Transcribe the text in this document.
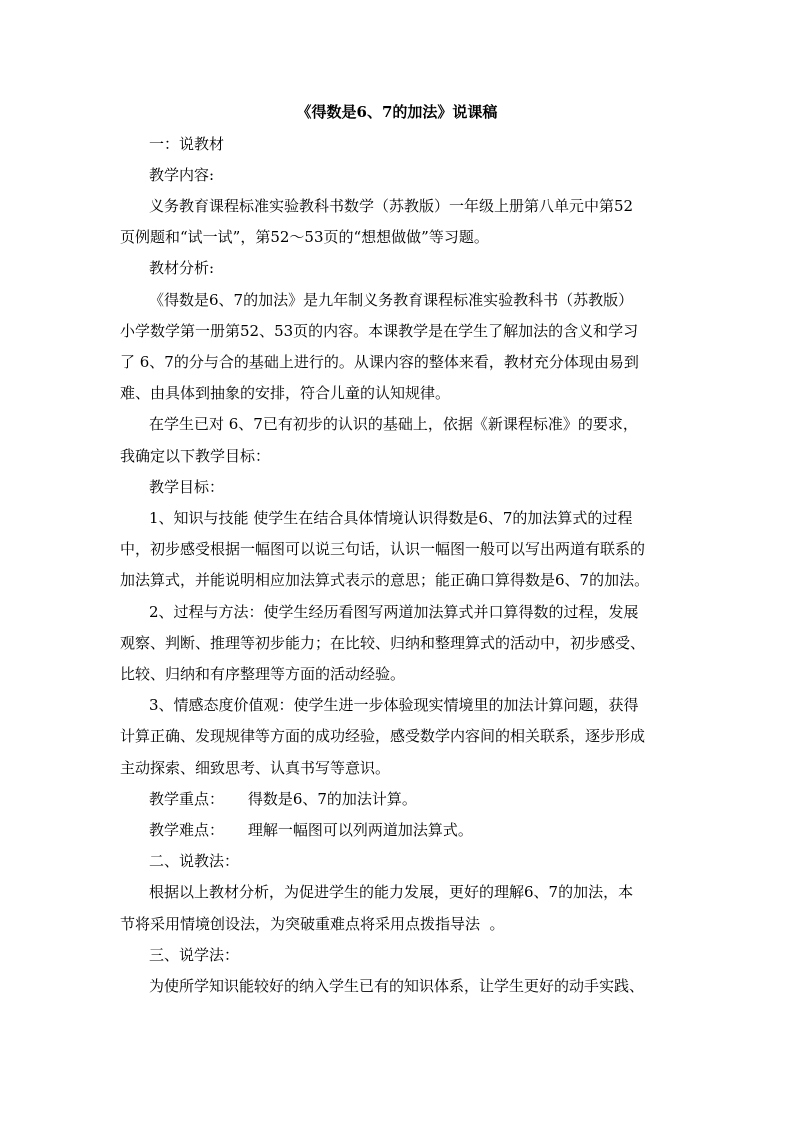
《得数是6、7的加法》说课稿
一：说教材
教学内容:
义务教育课程标准实验教科书数学（苏教版）一年级上册第八单元中第52
页例题和“试一试”，第52～53页的“想想做做”等习题。
教材分析:
《得数是6、7的加法》是九年制义务教育课程标准实验教科书（苏教版）
小学数学第一册第52、53页的内容。本课教学是在学生了解加法的含义和学习
了 6、7的分与合的基础上进行的。从课内容的整体来看，教材充分体现由易到
难、由具体到抽象的安排，符合儿童的认知规律。
在学生已对 6、7已有初步的认识的基础上，依据《新课程标准》的要求，
我确定以下教学目标：
教学目标：
1、知识与技能 使学生在结合具体情境认识得数是6、7的加法算式的过程
中，初步感受根据一幅图可以说三句话，认识一幅图一般可以写出两道有联系的
加法算式，并能说明相应加法算式表示的意思；能正确口算得数是6、7的加法。
2、过程与方法：使学生经历看图写两道加法算式并口算得数的过程，发展
观察、判断、推理等初步能力；在比较、归纳和整理算式的活动中，初步感受、
比较、归纳和有序整理等方面的活动经验。
3、情感态度价值观：使学生进一步体验现实情境里的加法计算问题，获得
计算正确、发现规律等方面的成功经验，感受数学内容间的相关联系，逐步形成
主动探索、细致思考、认真书写等意识。
教学重点：     得数是6、7的加法计算。
教学难点：     理解一幅图可以列两道加法算式。
二、说教法：
根据以上教材分析，为促进学生的能力发展，更好的理解6、7的加法，本
节将采用情境创设法，为突破重难点将采用点拨指导法  。
三、说学法：
为使所学知识能较好的纳入学生已有的知识体系，让学生更好的动手实践、
